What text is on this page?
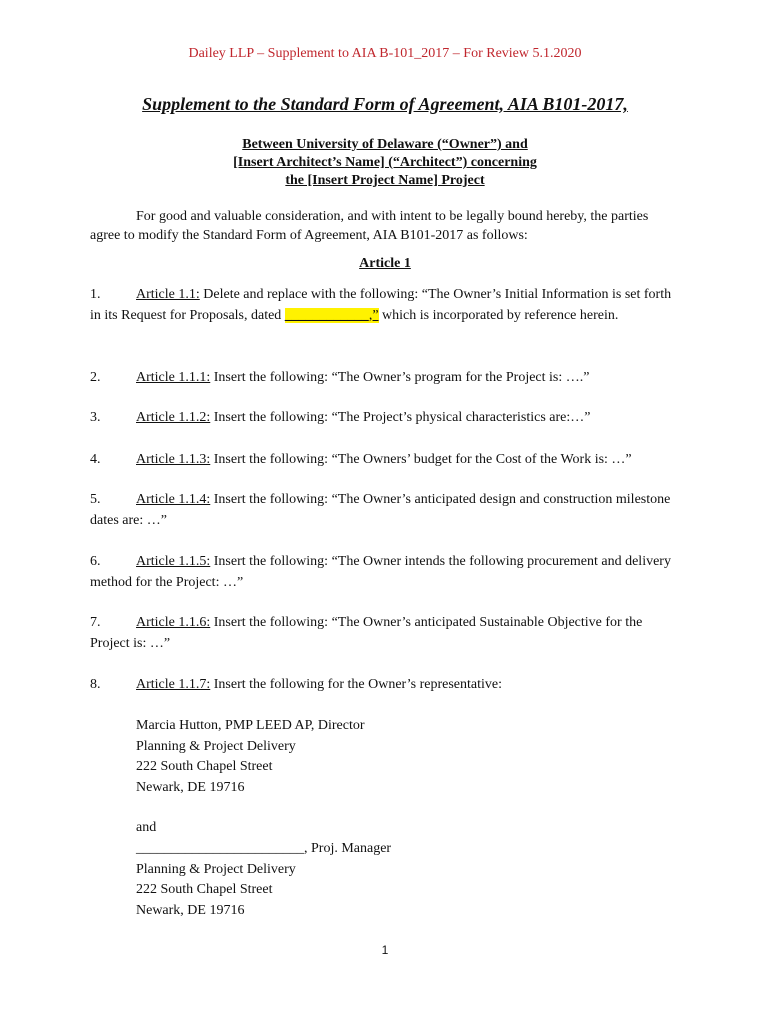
Dailey LLP – Supplement to AIA B-101_2017 – For Review 5.1.2020
Supplement to the Standard Form of Agreement, AIA B101-2017,
Between University of Delaware (“Owner”) and
[Insert Architect’s Name] (“Architect”) concerning
the [Insert Project Name] Project
For good and valuable consideration, and with intent to be legally bound hereby, the parties agree to modify the Standard Form of Agreement, AIA B101-2017 as follows:
Article 1
1.	Article 1.1: Delete and replace with the following: “The Owner’s Initial Information is set forth in its Request for Proposals, dated ____________,” which is incorporated by reference herein.
2.	Article 1.1.1: Insert the following: “The Owner’s program for the Project is: ….”
3.	Article 1.1.2: Insert the following: “The Project’s physical characteristics are:…”
4.	Article 1.1.3: Insert the following: “The Owners’ budget for the Cost of the Work is: …”
5.	Article 1.1.4: Insert the following: “The Owner’s anticipated design and construction milestone dates are: …”
6.	Article 1.1.5: Insert the following: “The Owner intends the following procurement and delivery method for the Project: …”
7.	Article 1.1.6: Insert the following: “The Owner’s anticipated Sustainable Objective for the Project is: …”
8.	Article 1.1.7: Insert the following for the Owner’s representative:
Marcia Hutton, PMP LEED AP, Director
Planning & Project Delivery
222 South Chapel Street
Newark, DE 19716
and
________________________, Proj. Manager
Planning & Project Delivery
222 South Chapel Street
Newark, DE 19716
1
